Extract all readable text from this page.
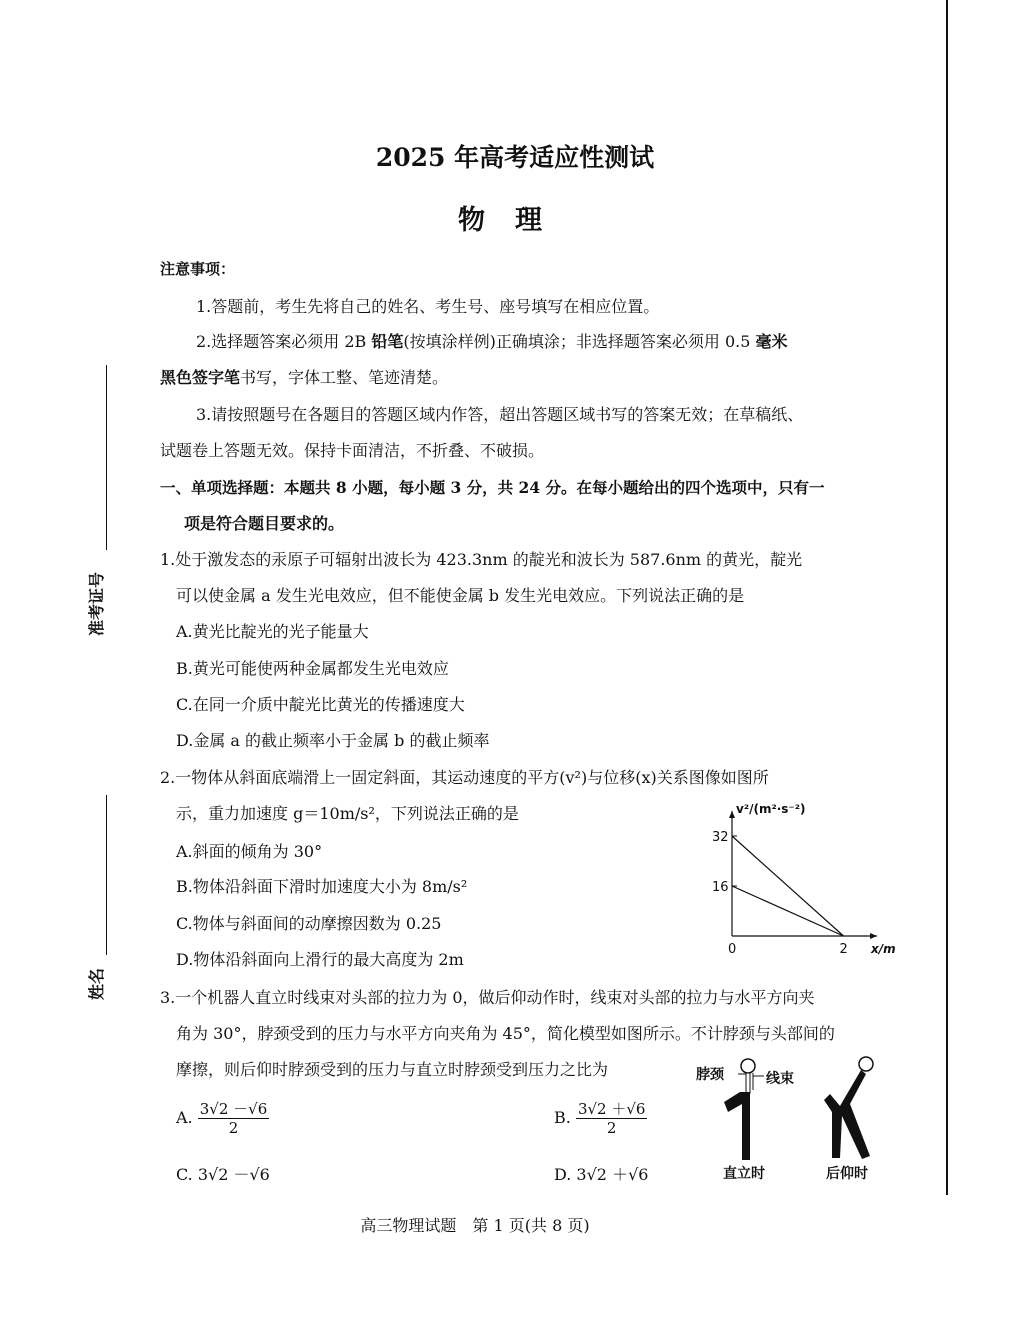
2025 年高考适应性测试
物理
注意事项：
1.答题前，考生先将自己的姓名、考生号、座号填写在相应位置。
2.选择题答案必须用 2B 铅笔(按填涂样例)正确填涂；非选择题答案必须用 0.5 毫米
黑色签字笔书写，字体工整、笔迹清楚。
3.请按照题号在各题目的答题区域内作答，超出答题区域书写的答案无效；在草稿纸、
试题卷上答题无效。保持卡面清洁，不折叠、不破损。
一、单项选择题：本题共 8 小题，每小题 3 分，共 24 分。在每小题给出的四个选项中，只有一
项是符合题目要求的。
1.处于激发态的汞原子可辐射出波长为 423.3nm 的靛光和波长为 587.6nm 的黄光，靛光
可以使金属 a 发生光电效应，但不能使金属 b 发生光电效应。下列说法正确的是
A.黄光比靛光的光子能量大
B.黄光可能使两种金属都发生光电效应
C.在同一介质中靛光比黄光的传播速度大
D.金属 a 的截止频率小于金属 b 的截止频率
2.一物体从斜面底端滑上一固定斜面，其运动速度的平方(v²)与位移(x)关系图像如图所
示，重力加速度 g＝10m/s²，下列说法正确的是
A.斜面的倾角为 30°
B.物体沿斜面下滑时加速度大小为 8m/s²
C.物体与斜面间的动摩擦因数为 0.25
D.物体沿斜面向上滑行的最大高度为 2m
v²/(m²·s⁻²)
x/m
16
32
0	2
3.一个机器人直立时线束对头部的拉力为 0，做后仰动作时，线束对头部的拉力与水平方向夹
角为 30°，脖颈受到的压力与水平方向夹角为 45°，简化模型如图所示。不计脖颈与头部间的
摩擦，则后仰时脖颈受到的压力与直立时脖颈受到压力之比为
A. $\frac{3√2 -√6}{2}$	B. $\frac{3√2 +√6}{2}$
C. 3√2 －√6	D. 3√2 ＋√6
脖颈	线束
直立时	后仰时
准考证号
姓名
高三物理试题　第 1 页(共 8 页)
